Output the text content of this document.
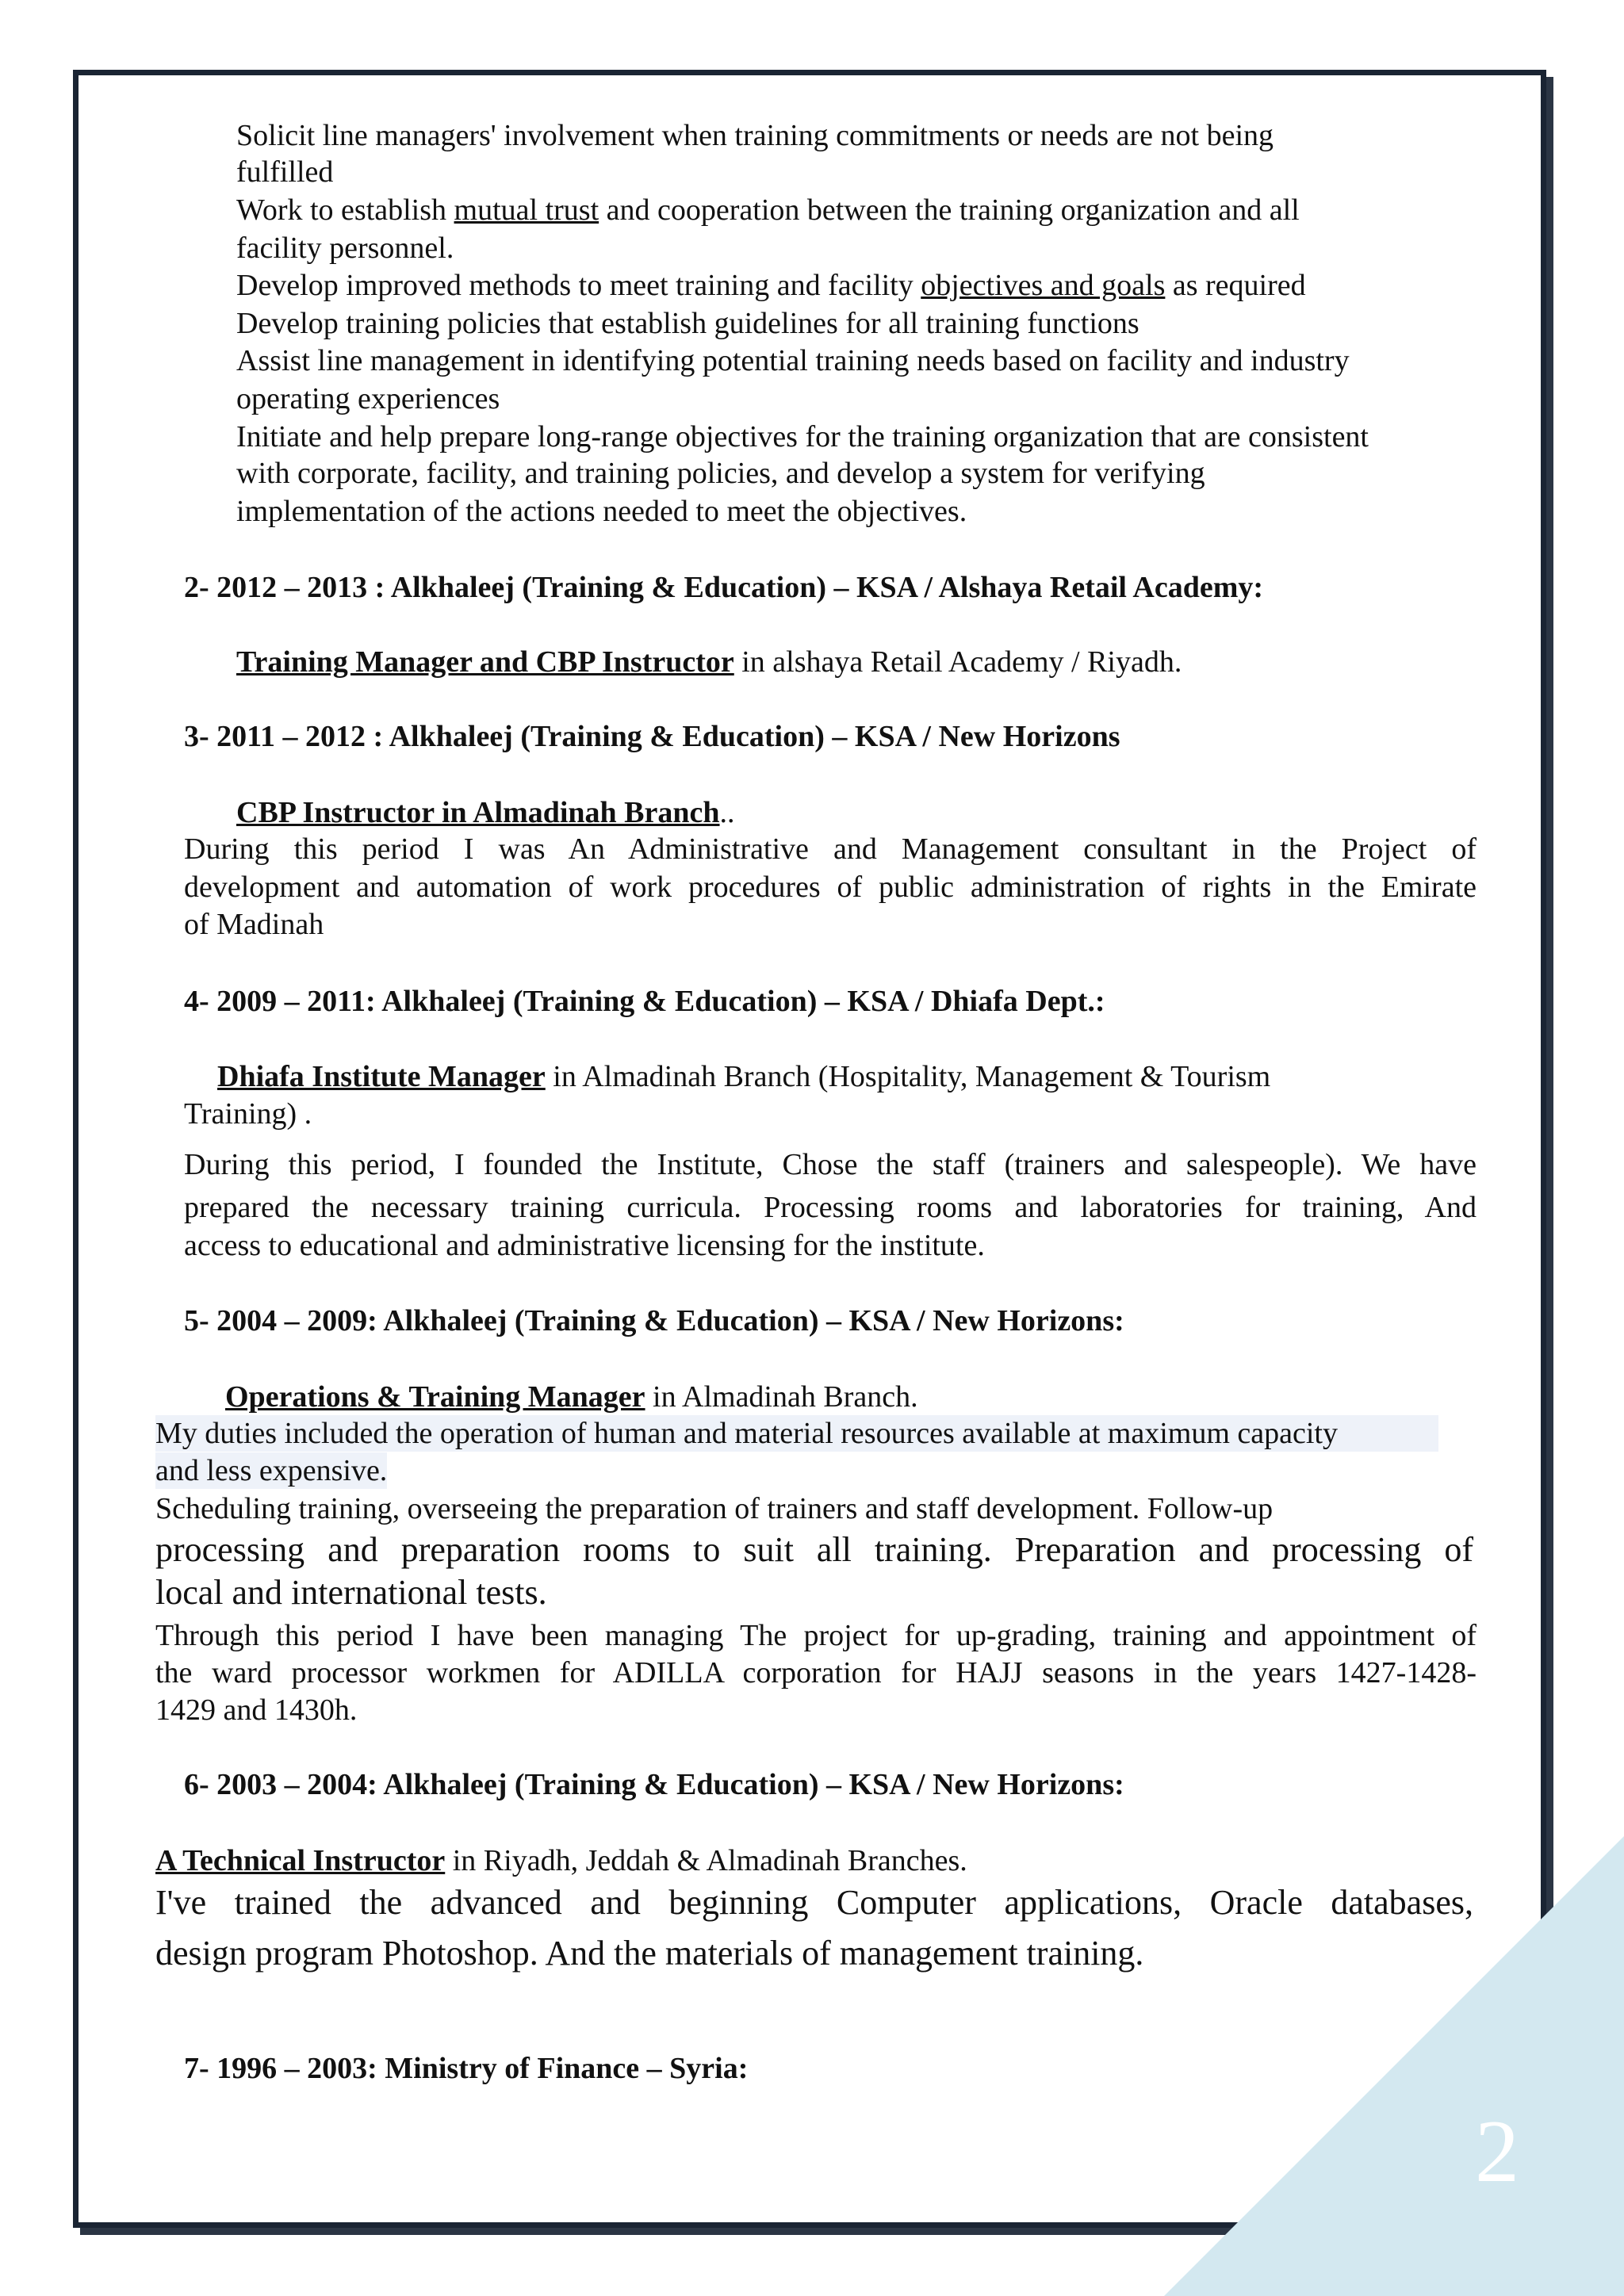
2
Solicit line managers' involvement when training commitments or needs are not being
fulfilled
Work to establish mutual trust and cooperation between the training organization and all
facility personnel.
Develop improved methods to meet training and facility objectives and goals as required
Develop training policies that establish guidelines for all training functions
Assist line management in identifying potential training needs based on facility and industry
operating experiences
Initiate and help prepare long-range objectives for the training organization that are consistent
with corporate, facility, and training policies, and develop a system for verifying
implementation of the actions needed to meet the objectives.
2- 2012 – 2013 : Alkhaleej (Training & Education) – KSA / Alshaya Retail Academy:
Training Manager and CBP Instructor in alshaya Retail Academy / Riyadh.
3- 2011 – 2012 : Alkhaleej (Training & Education) – KSA / New Horizons
CBP Instructor in Almadinah Branch..
During this period I was An Administrative and Management consultant in the Project of
development and automation of work procedures of public administration of rights in the Emirate
of Madinah
4- 2009 – 2011: Alkhaleej (Training & Education) – KSA / Dhiafa Dept.:
Dhiafa Institute Manager in Almadinah Branch (Hospitality, Management & Tourism
Training) .
During this period, I founded the Institute, Chose the staff (trainers and salespeople). We have
prepared the necessary training curricula. Processing rooms and laboratories for training, And
access to educational and administrative licensing for the institute.
5- 2004 – 2009: Alkhaleej (Training & Education) – KSA / New Horizons:
Operations & Training Manager in Almadinah Branch.
My duties included the operation of human and material resources available at maximum capacity
and less expensive.
Scheduling training, overseeing the preparation of trainers and staff development. Follow-up
processing and preparation rooms to suit all training. Preparation and processing of
local and international tests.
Through this period I have been managing The project for up-grading, training and appointment of
the ward processor workmen for ADILLA corporation for HAJJ seasons in the years 1427-1428-
1429 and 1430h.
6- 2003 – 2004: Alkhaleej (Training & Education) – KSA / New Horizons:
A Technical Instructor in Riyadh, Jeddah & Almadinah Branches.
I've trained the advanced and beginning Computer applications, Oracle databases,
design program Photoshop. And the materials of management training.
7- 1996 – 2003: Ministry of Finance – Syria:
